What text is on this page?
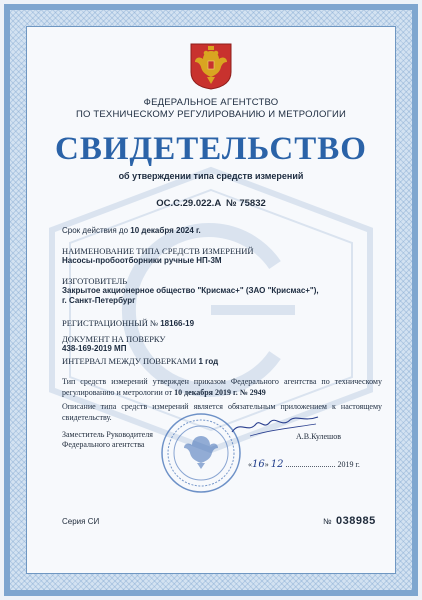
ФЕДЕРАЛЬНОЕ АГЕНТСТВО
ПО ТЕХНИЧЕСКОМУ РЕГУЛИРОВАНИЮ И МЕТРОЛОГИИ
СВИДЕТЕЛЬСТВО
об утверждении типа средств измерений
OC.C.29.022.A № 75832
Срок действия до 10 декабря 2024 г.
НАИМЕНОВАНИЕ ТИПА СРЕДСТВ ИЗМЕРЕНИЙ
Насосы-пробоотборники ручные НП-3М
ИЗГОТОВИТЕЛЬ
Закрытое акционерное общество "Крисмас+" (ЗАО "Крисмас+"),
г. Санкт-Петербург
РЕГИСТРАЦИОННЫЙ № 18166-19
ДОКУМЕНТ НА ПОВЕРКУ
438-169-2019 МП
ИНТЕРВАЛ МЕЖДУ ПОВЕРКАМИ 1 год
Тип средств измерений утвержден приказом Федерального агентства по техническому регулированию и метрологии от 10 декабря 2019 г. № 2949
Описание типа средств измерений является обязательным приложением к настоящему свидетельству.
Заместитель Руководителя
Федерального агентства
А.В.Кулешов
«16» 12 ......................... 2019 г.
Серия СИ	№ 038985
